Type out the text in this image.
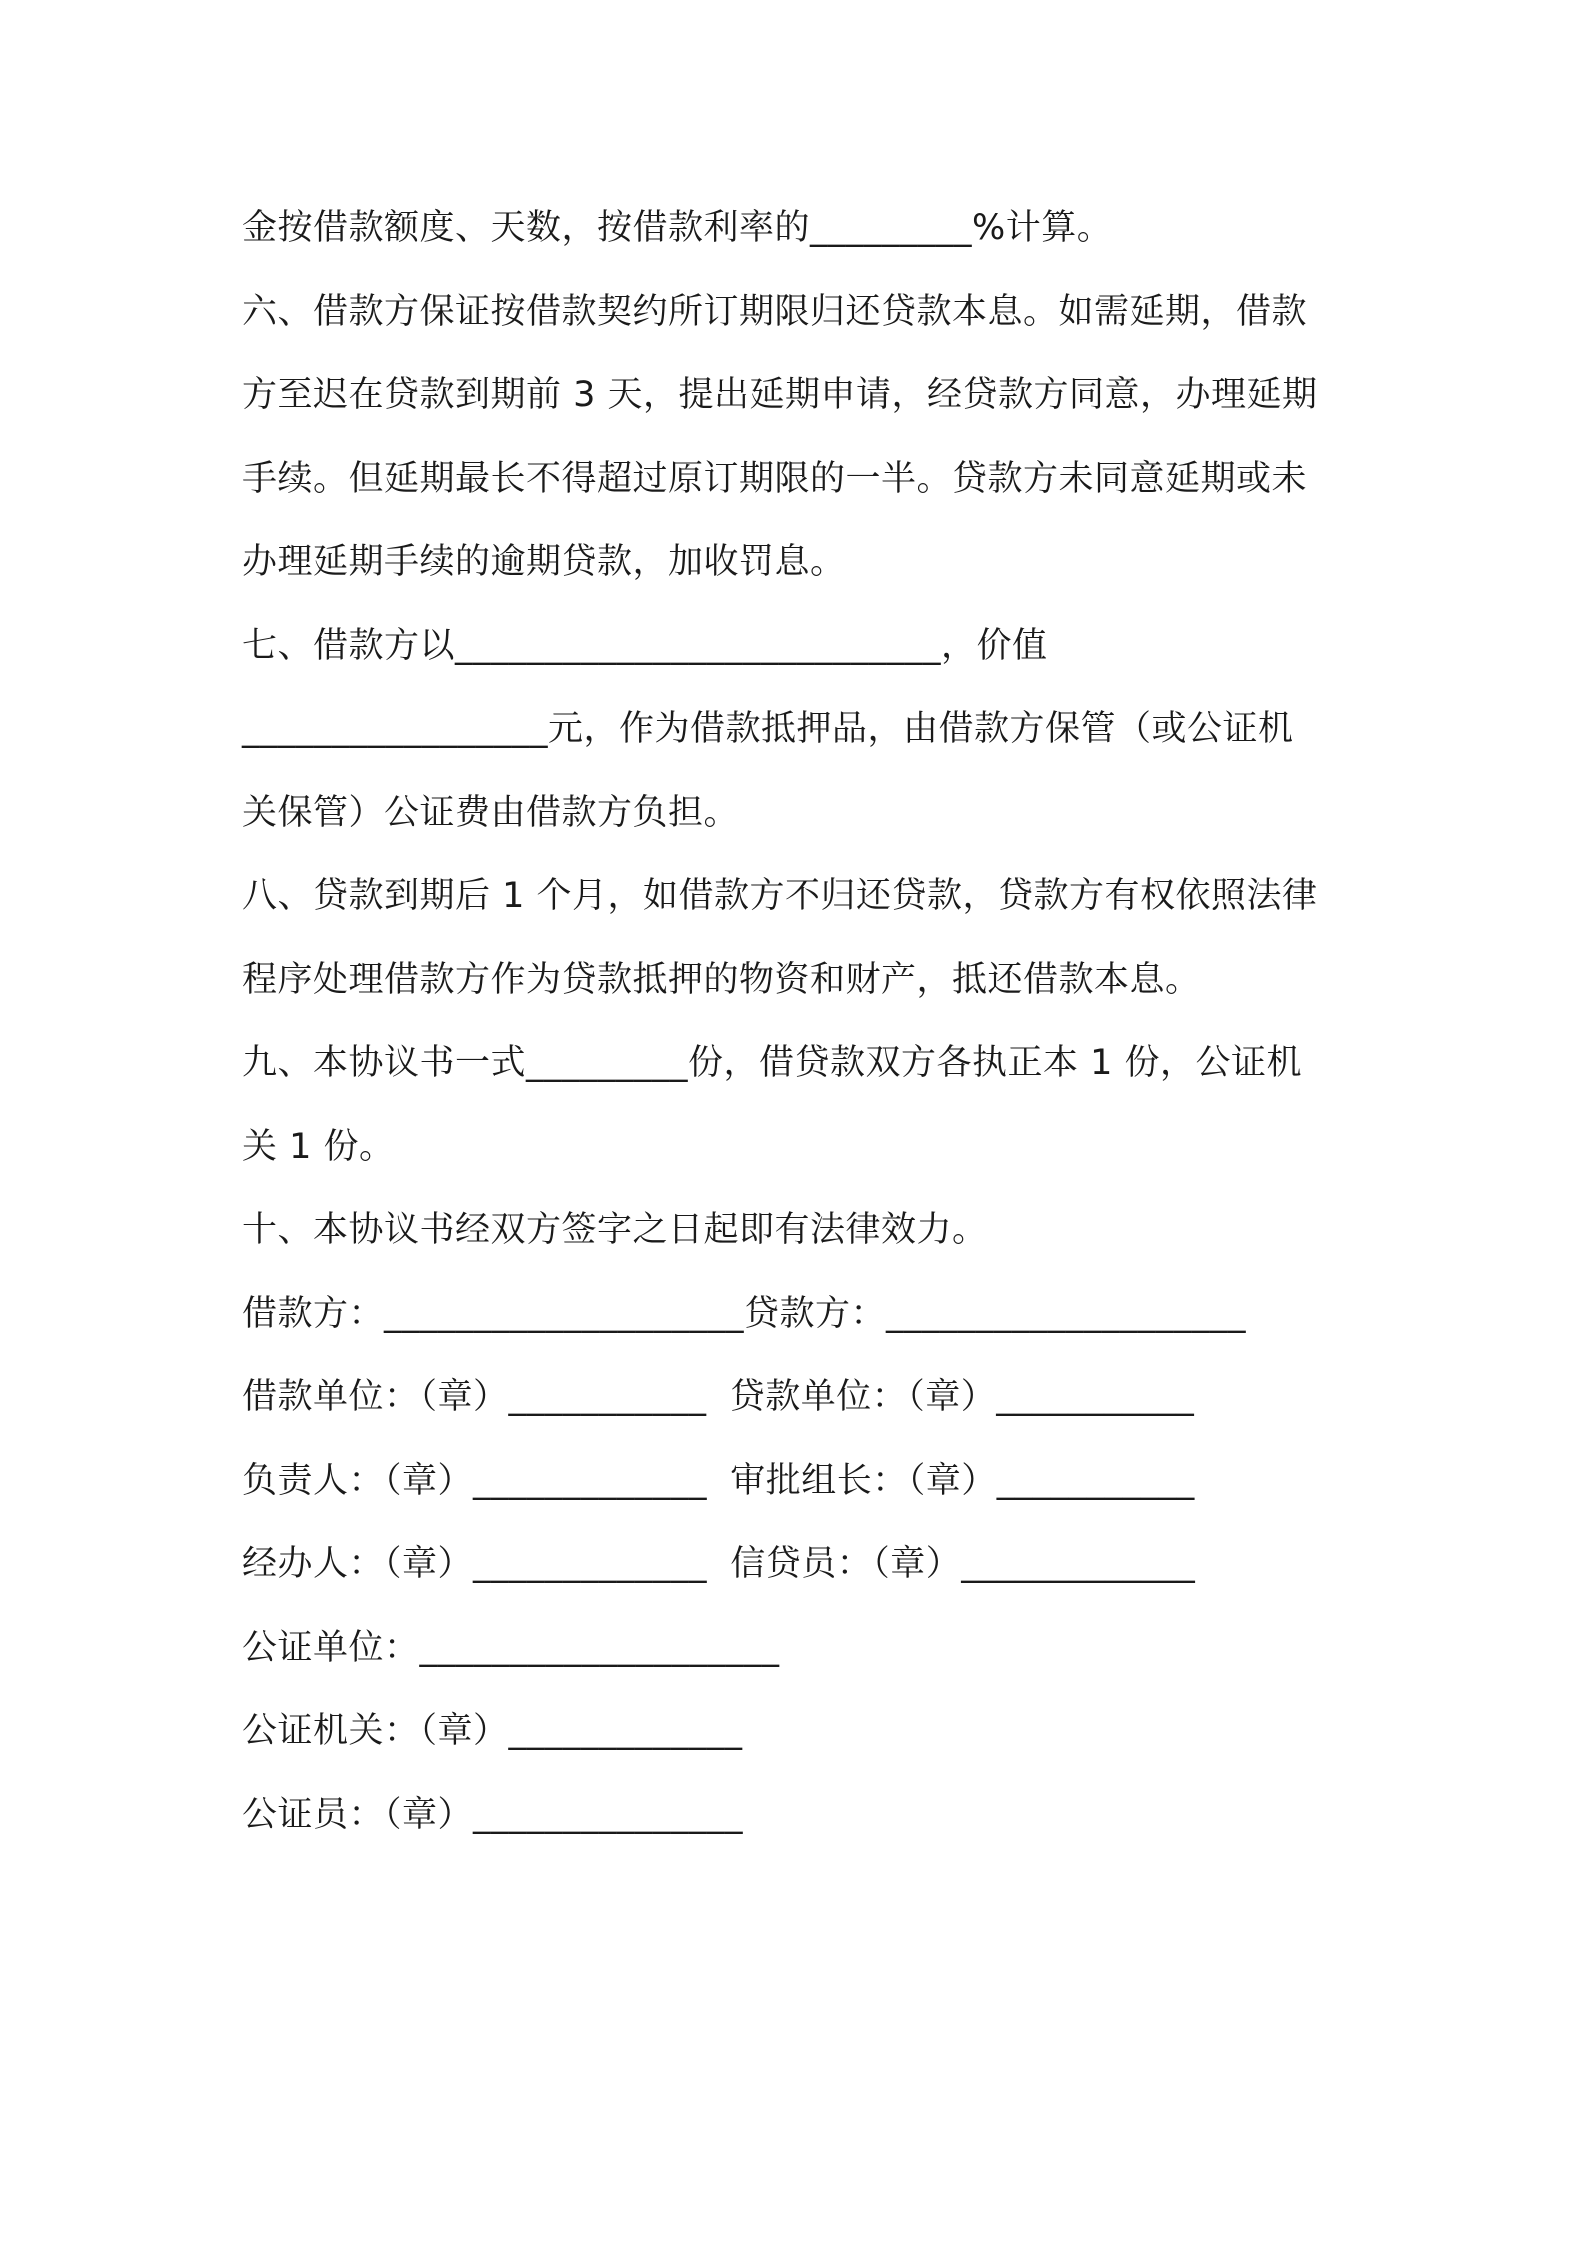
金按借款额度、天数，按借款利率的_________%计算。
六、借款方保证按借款契约所订期限归还贷款本息。如需延期，借款
方至迟在贷款到期前 3 天，提出延期申请，经贷款方同意，办理延期
手续。但延期最长不得超过原订期限的一半。贷款方未同意延期或未
办理延期手续的逾期贷款，加收罚息。
七、借款方以___________________________，价值
_________________元，作为借款抵押品，由借款方保管（或公证机
关保管）公证费由借款方负担。
八、贷款到期后 1 个月，如借款方不归还贷款，贷款方有权依照法律
程序处理借款方作为贷款抵押的物资和财产，抵还借款本息。
九、本协议书一式_________份，借贷款双方各执正本 1 份，公证机
关 1 份。
十、本协议书经双方签字之日起即有法律效力。
借款方：____________________贷款方：____________________
借款单位：（章）___________  贷款单位：（章）___________
负责人：（章）_____________  审批组长：（章）___________
经办人：（章）_____________  信贷员：（章）_____________
公证单位：____________________
公证机关：（章）_____________
公证员：（章）_______________
